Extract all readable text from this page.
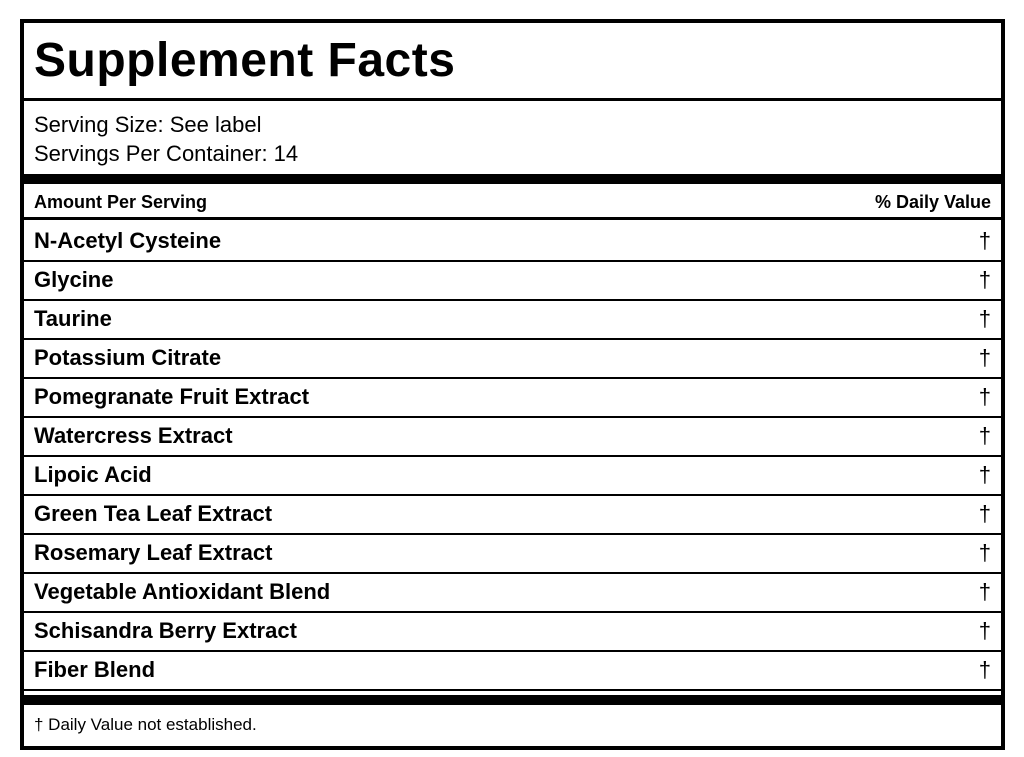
Supplement Facts
Serving Size: See label
Servings Per Container: 14
Amount Per Serving	% Daily Value
N-Acetyl Cysteine	†
Glycine	†
Taurine	†
Potassium Citrate	†
Pomegranate Fruit Extract	†
Watercress Extract	†
Lipoic Acid	†
Green Tea Leaf Extract	†
Rosemary Leaf Extract	†
Vegetable Antioxidant Blend	†
Schisandra Berry Extract	†
Fiber Blend	†
† Daily Value not established.
